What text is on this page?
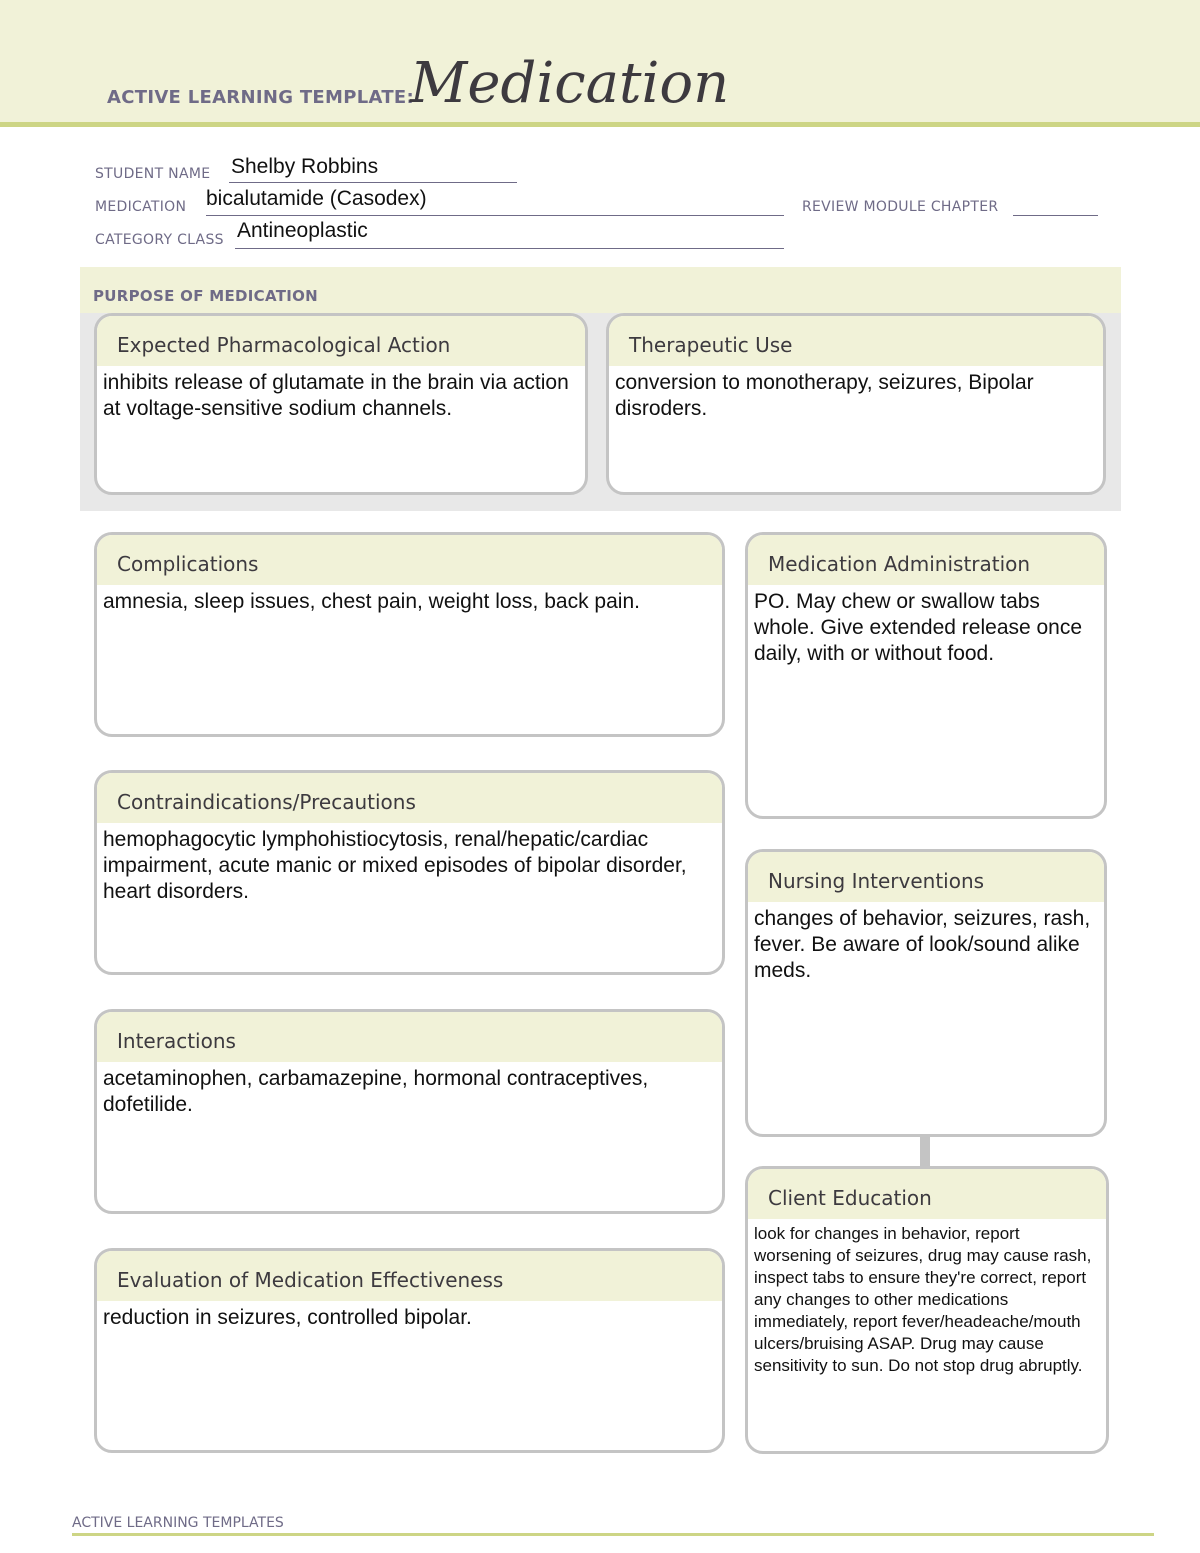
ACTIVE LEARNING TEMPLATE:
Medication
STUDENT NAME Shelby Robbins
MEDICATION bicalutamide (Casodex)	REVIEW MODULE CHAPTER
CATEGORY CLASS Antineoplastic
PURPOSE OF MEDICATION
Expected Pharmacological Action
inhibits release of glutamate in the brain via action at voltage-sensitive sodium channels.
Therapeutic Use
conversion to monotherapy, seizures, Bipolar disroders.
Complications
amnesia, sleep issues, chest pain, weight loss, back pain.
Contraindications/Precautions
hemophagocytic lymphohistiocytosis, renal/hepatic/cardiac impairment, acute manic or mixed episodes of bipolar disorder, heart disorders.
Interactions
acetaminophen, carbamazepine, hormonal contraceptives, dofetilide.
Evaluation of Medication Effectiveness
reduction in seizures, controlled bipolar.
Medication Administration
PO. May chew or swallow tabs whole. Give extended release once daily, with or without food.
Nursing Interventions
changes of behavior, seizures, rash, fever. Be aware of look/sound alike meds.
Client Education
look for changes in behavior, report worsening of seizures, drug may cause rash, inspect tabs to ensure they're correct, report any changes to other medications immediately, report fever/headeache/mouth ulcers/bruising ASAP. Drug may cause sensitivity to sun. Do not stop drug abruptly.
ACTIVE LEARNING TEMPLATES
